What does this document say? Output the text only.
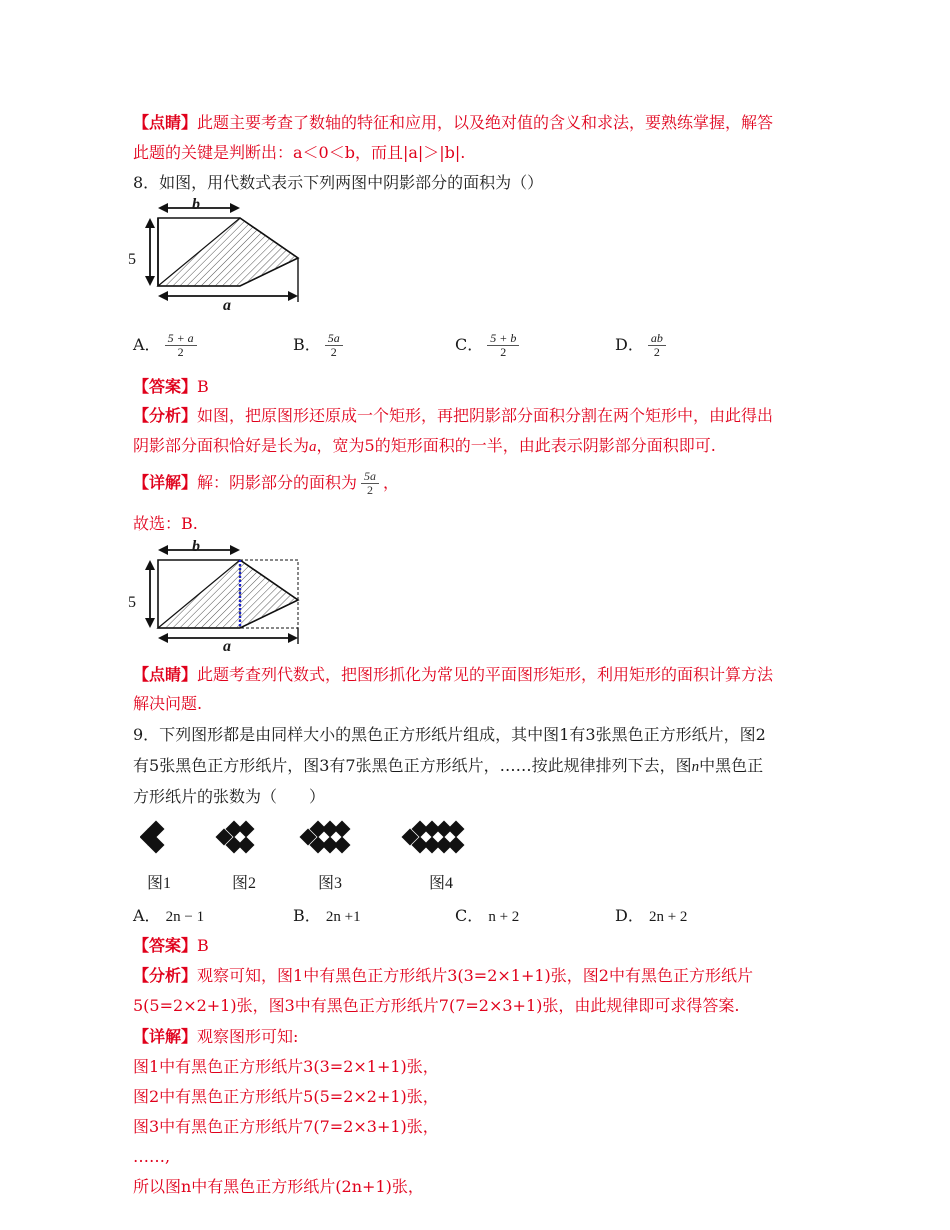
【点睛】此题主要考查了数轴的特征和应用，以及绝对值的含义和求法，要熟练掌握，解答
此题的关键是判断出：a＜0＜b，而且|a|＞|b|.
8．如图，用代数式表示下列两图中阴影部分的面积为（）
b
5
a
A． $\frac{5 + a}{2}$	B． $\frac{5a}{2}$	C． $\frac{5 + b}{2}$	D． $\frac{ab}{2}$
【答案】B
【分析】如图，把原图形还原成一个矩形，再把阴影部分面积分割在两个矩形中，由此得出
阴影部分面积恰好是长为a，宽为5的矩形面积的一半，由此表示阴影部分面积即可.
【详解】解：阴影部分的面积为 $\frac{5a}{2}$ ，
故选：B.
b
5
a
【点睛】此题考查列代数式，把图形抓化为常见的平面图形矩形，利用矩形的面积计算方法
解决问题.
9．下列图形都是由同样大小的黑色正方形纸片组成，其中图1有3张黑色正方形纸片，图2
有5张黑色正方形纸片，图3有7张黑色正方形纸片，……按此规律排列下去，图n中黑色正
方形纸片的张数为（　　）
图1	图2	图3	图4
A． 2n − 1	B． 2n +1	C． n + 2	D． 2n + 2
【答案】B
【分析】观察可知，图1中有黑色正方形纸片3(3=2×1+1)张，图2中有黑色正方形纸片
5(5=2×2+1)张，图3中有黑色正方形纸片7(7=2×3+1)张，由此规律即可求得答案.
【详解】观察图形可知:
图1中有黑色正方形纸片3(3=2×1+1)张，
图2中有黑色正方形纸片5(5=2×2+1)张，
图3中有黑色正方形纸片7(7=2×3+1)张，
……,
所以图n中有黑色正方形纸片(2n+1)张，
